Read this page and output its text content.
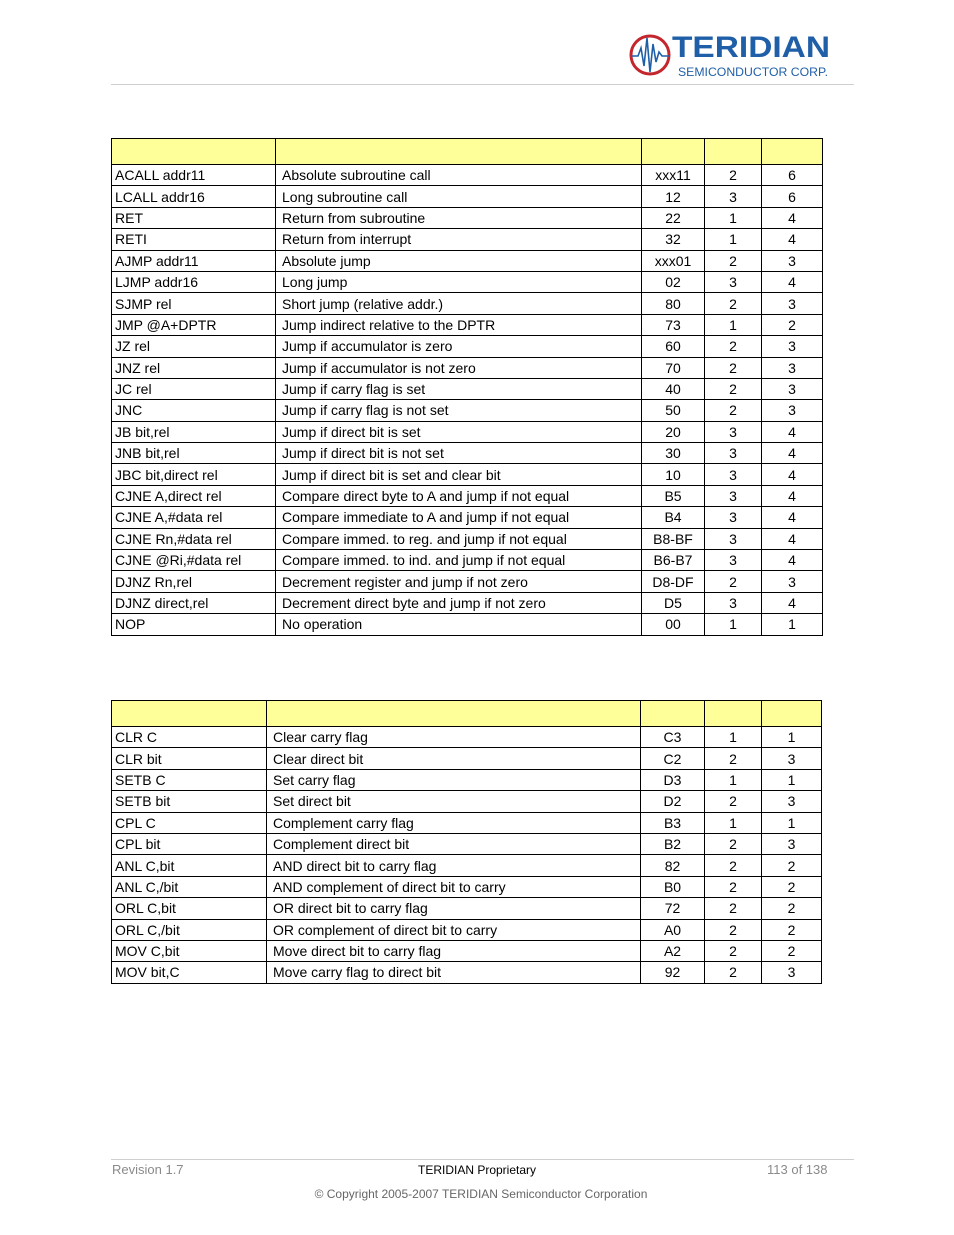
TERIDIAN
SEMICONDUCTOR CORP.

ACALL addr11	Absolute subroutine call	xxx11	2	6
LCALL addr16	Long subroutine call	12	3	6
RET	Return from subroutine	22	1	4
RETI	Return from interrupt	32	1	4
AJMP addr11	Absolute jump	xxx01	2	3
LJMP addr16	Long jump	02	3	4
SJMP rel	Short jump (relative addr.)	80	2	3
JMP @A+DPTR	Jump indirect relative to the DPTR	73	1	2
JZ rel	Jump if accumulator is zero	60	2	3
JNZ rel	Jump if accumulator is not zero	70	2	3
JC rel	Jump if carry flag is set	40	2	3
JNC	Jump if carry flag is not set	50	2	3
JB bit,rel	Jump if direct bit is set	20	3	4
JNB bit,rel	Jump if direct bit is not set	30	3	4
JBC bit,direct rel	Jump if direct bit is set and clear bit	10	3	4
CJNE A,direct rel	Compare direct byte to A and jump if not equal	B5	3	4
CJNE A,#data rel	Compare immediate to A and jump if not equal	B4	3	4
CJNE Rn,#data rel	Compare immed. to reg. and jump if not equal	B8-BF	3	4
CJNE @Ri,#data rel	Compare immed. to ind. and jump if not equal	B6-B7	3	4
DJNZ Rn,rel	Decrement register and jump if not zero	D8-DF	2	3
DJNZ direct,rel	Decrement direct byte and jump if not zero	D5	3	4
NOP	No operation	00	1	1

CLR C	Clear carry flag	C3	1	1
CLR bit	Clear direct bit	C2	2	3
SETB C	Set carry flag	D3	1	1
SETB bit	Set direct bit	D2	2	3
CPL C	Complement carry flag	B3	1	1
CPL bit	Complement direct bit	B2	2	3
ANL C,bit	AND direct bit to carry flag	82	2	2
ANL C,/bit	AND complement of direct bit to carry	B0	2	2
ORL C,bit	OR direct bit to carry flag	72	2	2
ORL C,/bit	OR complement of direct bit to carry	A0	2	2
MOV C,bit	Move direct bit to carry flag	A2	2	2
MOV bit,C	Move carry flag to direct bit	92	2	3
Revision 1.7	TERIDIAN Proprietary	113 of 138
© Copyright 2005-2007 TERIDIAN Semiconductor Corporation
